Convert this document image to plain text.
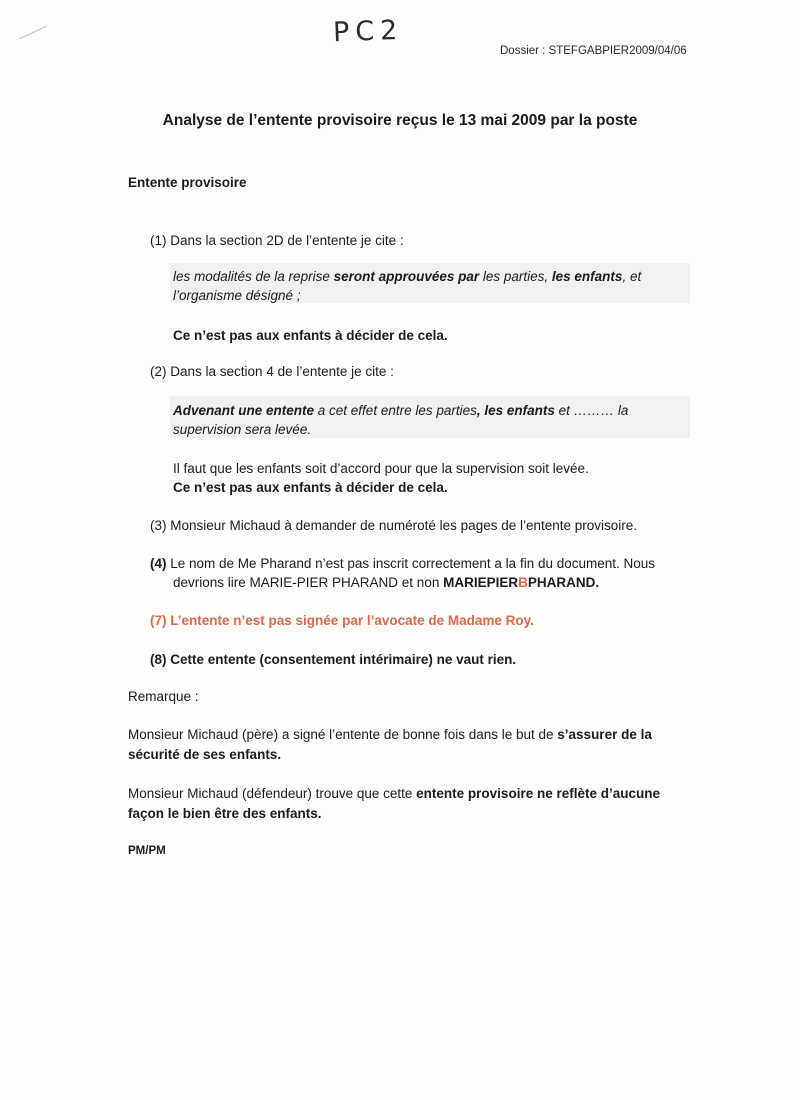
PC2
Dossier : STEFGABPIER2009/04/06
Analyse de l’entente provisoire reçus le 13 mai 2009 par la poste
Entente provisoire
(1) Dans la section 2D de l’entente je cite :
les modalités de la reprise seront approuvées par les parties, les enfants, et
l’organisme désigné ;
Ce n’est pas aux enfants à décider de cela.
(2) Dans la section 4 de l’entente je cite :
Advenant une entente a cet effet entre les parties, les enfants et ……… la
supervision sera levée.
Il faut que les enfants soit d’accord pour que la supervision soit levée.
Ce n’est pas aux enfants à décider de cela.
(3) Monsieur Michaud à demander de numéroté les pages de l’entente provisoire.
(4) Le nom de Me Pharand n’est pas inscrit correctement a la fin du document. Nous
devrions lire MARIE-PIER PHARAND et non MARIEPIERBPHARAND.
(7) L’entente n’est pas signée par l’avocate de Madame Roy.
(8) Cette entente (consentement intérimaire) ne vaut rien.
Remarque :
Monsieur Michaud (père) a signé l’entente de bonne fois dans le but de s’assurer de la
sécurité de ses enfants.
Monsieur Michaud (défendeur) trouve que cette entente provisoire ne reflète d’aucune
façon le bien être des enfants.
PM/PM
